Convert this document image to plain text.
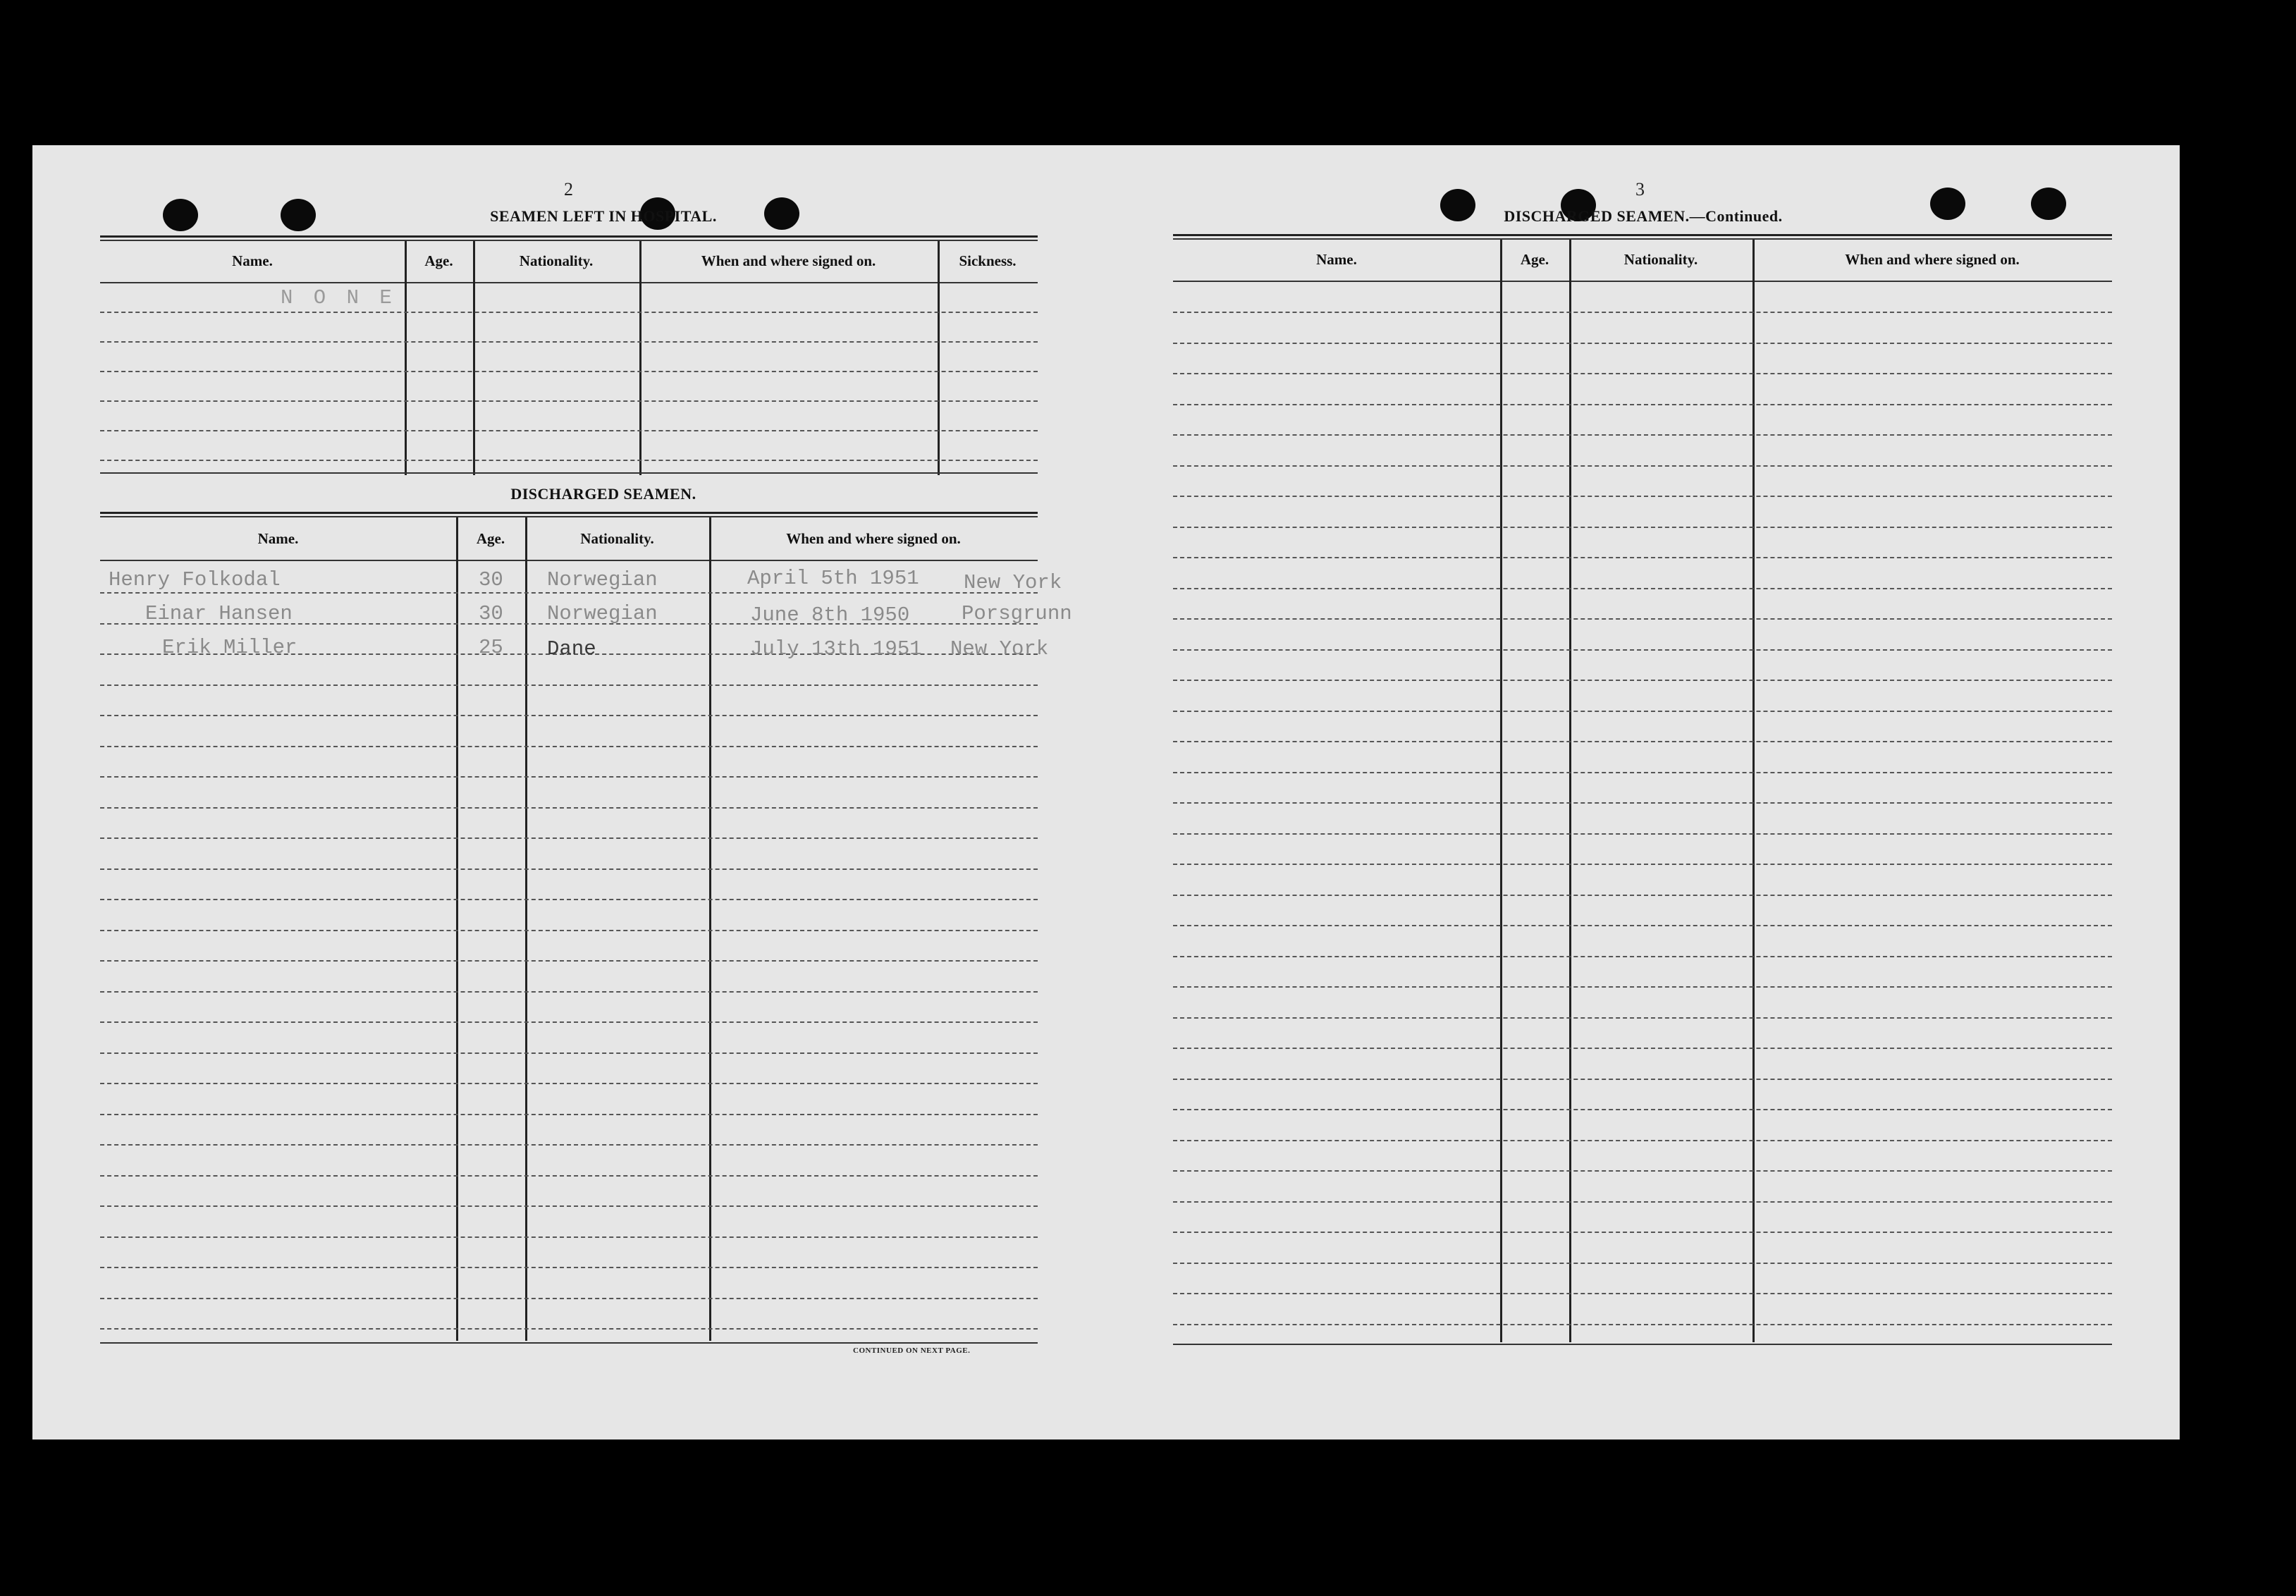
2
SEAMEN LEFT IN HOSPITAL.
Name.	Age.	Nationality.	When and where signed on.	Sickness.
N O N E
DISCHARGED SEAMEN.
Name.	Age.	Nationality.	When and where signed on.
Henry Folkodal	30 Norwegian	April 5th 1951 New York
Einar Hansen	30 Norwegian	June 8th 1950	Porsgrunn
Erik Miller	25 Dane	July 13th 1951 New York
CONTINUED ON NEXT PAGE.
3
DISCHARGED SEAMEN.—Continued.
Name.	Age.	Nationality.	When and where signed on.
